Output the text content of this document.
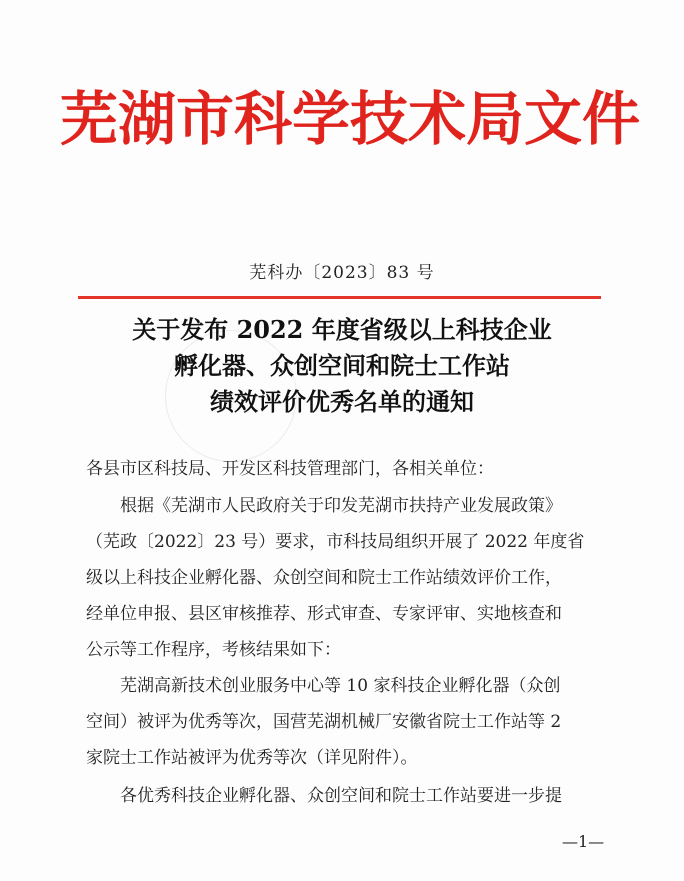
芜湖市科学技术局文件
芜科办〔2023〕83 号
关于发布 2022 年度省级以上科技企业
孵化器、众创空间和院士工作站
绩效评价优秀名单的通知
各县市区科技局、开发区科技管理部门，各相关单位：
根据《芜湖市人民政府关于印发芜湖市扶持产业发展政策》
（芜政〔2022〕23 号）要求，市科技局组织开展了 2022 年度省
级以上科技企业孵化器、众创空间和院士工作站绩效评价工作，
经单位申报、县区审核推荐、形式审查、专家评审、实地核查和
公示等工作程序，考核结果如下：
芜湖高新技术创业服务中心等 10 家科技企业孵化器（众创
空间）被评为优秀等次，国营芜湖机械厂安徽省院士工作站等 2
家院士工作站被评为优秀等次（详见附件）。
各优秀科技企业孵化器、众创空间和院士工作站要进一步提
—1—
